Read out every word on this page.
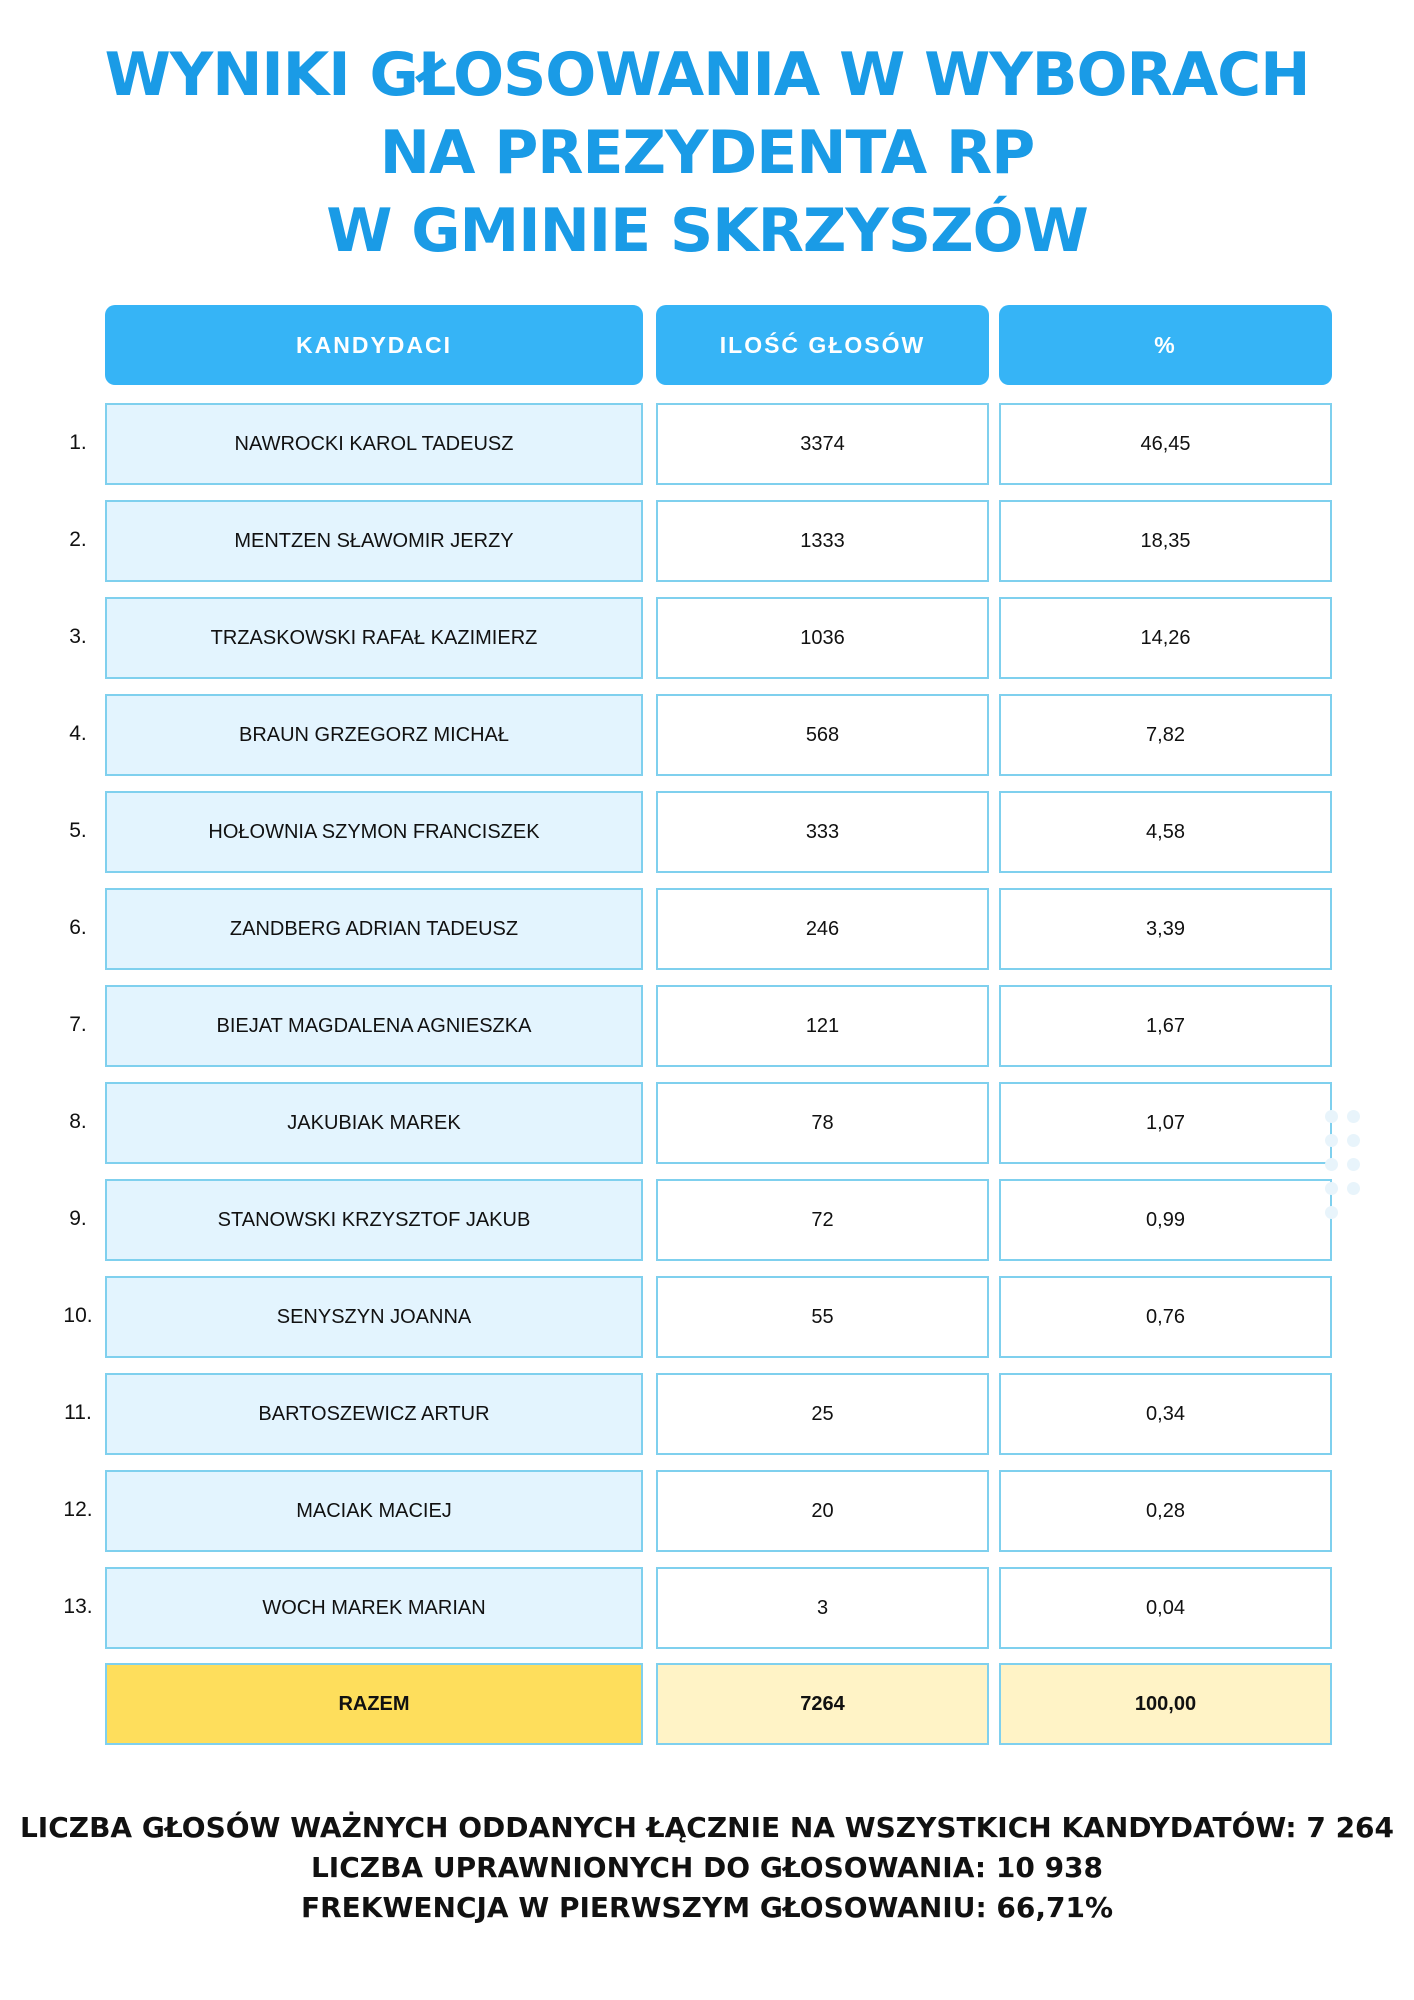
WYNIKI GŁOSOWANIA W WYBORACH
NA PREZYDENTA RP
W GMINIE SKRZYSZÓW
KANDYDACI	ILOŚĆ GŁOSÓW	%
1.	NAWROCKI KAROL TADEUSZ	3374	46,45
2.	MENTZEN SŁAWOMIR JERZY	1333	18,35
3.	TRZASKOWSKI RAFAŁ KAZIMIERZ	1036	14,26
4.	BRAUN GRZEGORZ MICHAŁ	568	7,82
5.	HOŁOWNIA SZYMON FRANCISZEK	333	4,58
6.	ZANDBERG ADRIAN TADEUSZ	246	3,39
7.	BIEJAT MAGDALENA AGNIESZKA	121	1,67
8.	JAKUBIAK MAREK	78	1,07
9.	STANOWSKI KRZYSZTOF JAKUB	72	0,99
10.	SENYSZYN JOANNA	55	0,76
11.	BARTOSZEWICZ ARTUR	25	0,34
12.	MACIAK MACIEJ	20	0,28
13.	WOCH MAREK MARIAN	3	0,04
RAZEM	7264	100,00
LICZBA GŁOSÓW WAŻNYCH ODDANYCH ŁĄCZNIE NA WSZYSTKICH KANDYDATÓW: 7 264
LICZBA UPRAWNIONYCH DO GŁOSOWANIA: 10 938
FREKWENCJA W PIERWSZYM GŁOSOWANIU: 66,71%
